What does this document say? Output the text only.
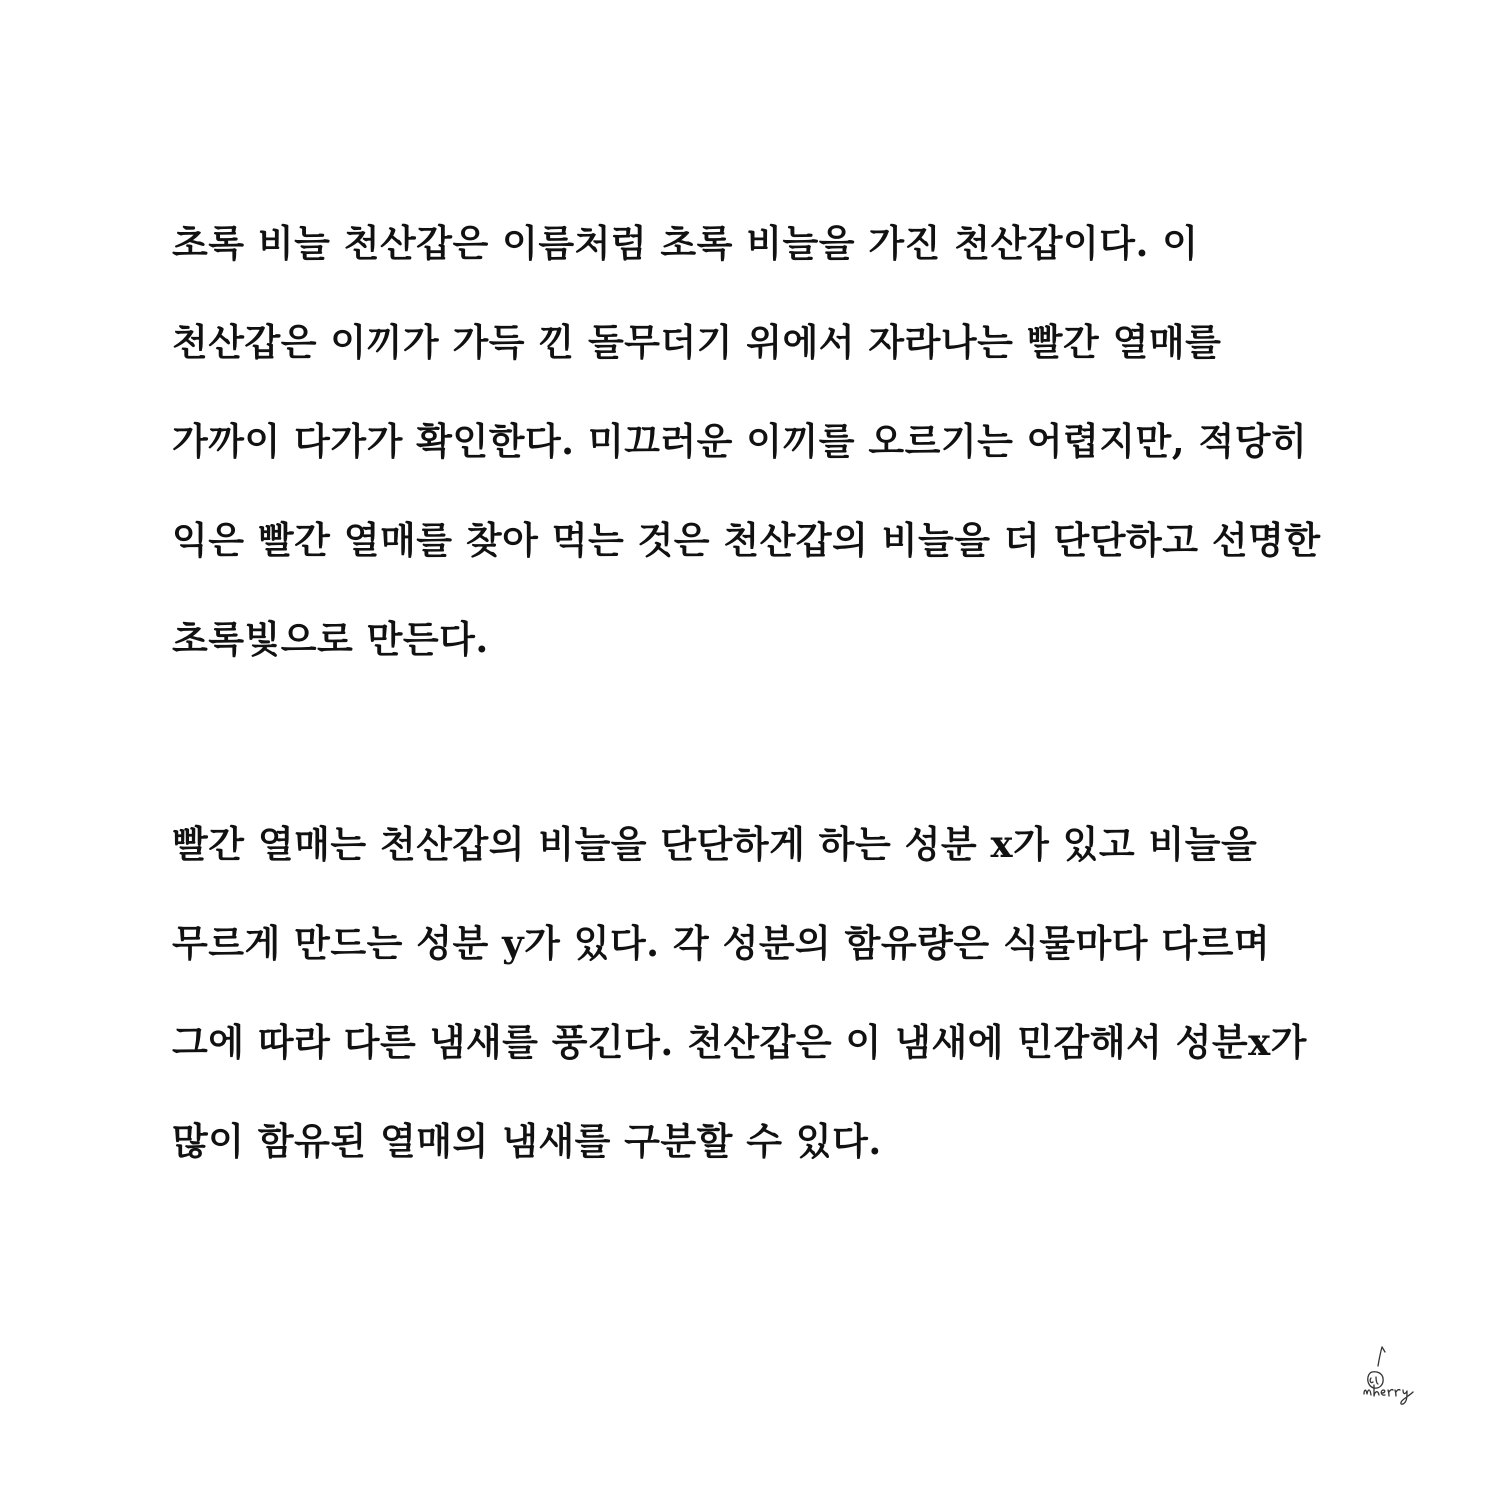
초록 비늘 천산갑은 이름처럼 초록 비늘을 가진 천산갑이다. 이

천산갑은 이끼가 가득 낀 돌무더기 위에서 자라나는 빨간 열매를

가까이 다가가 확인한다. 미끄러운 이끼를 오르기는 어렵지만, 적당히

익은 빨간 열매를 찾아 먹는 것은 천산갑의 비늘을 더 단단하고 선명한

초록빛으로 만든다.

빨간 열매는 천산갑의 비늘을 단단하게 하는 성분 x가 있고 비늘을

무르게 만드는 성분 y가 있다. 각 성분의 함유량은 식물마다 다르며

그에 따라 다른 냄새를 풍긴다. 천산갑은 이 냄새에 민감해서 성분x가

많이 함유된 열매의 냄새를 구분할 수 있다.
